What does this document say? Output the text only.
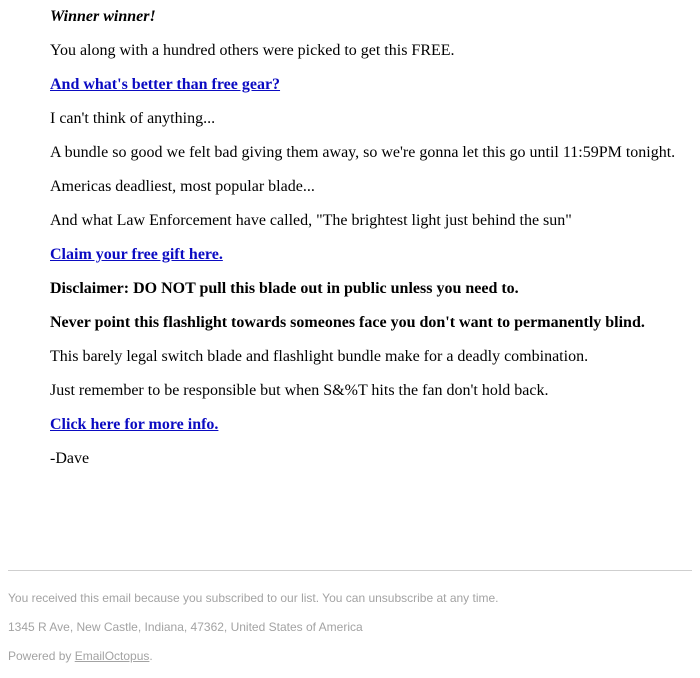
Winner winner!

You along with a hundred others were picked to get this FREE.

And what's better than free gear?

I can't think of anything...

A bundle so good we felt bad giving them away, so we're gonna let this go until 11:59PM tonight.

Americas deadliest, most popular blade...

And what Law Enforcement have called, "The brightest light just behind the sun"

Claim your free gift here.

Disclaimer: DO NOT pull this blade out in public unless you need to.

Never point this flashlight towards someones face you don't want to permanently blind.

This barely legal switch blade and flashlight bundle make for a deadly combination.

Just remember to be responsible but when S&%T hits the fan don't hold back.

Click here for more info.

-Dave

You received this email because you subscribed to our list. You can unsubscribe at any time.

1345 R Ave, New Castle, Indiana, 47362, United States of America

Powered by EmailOctopus.
